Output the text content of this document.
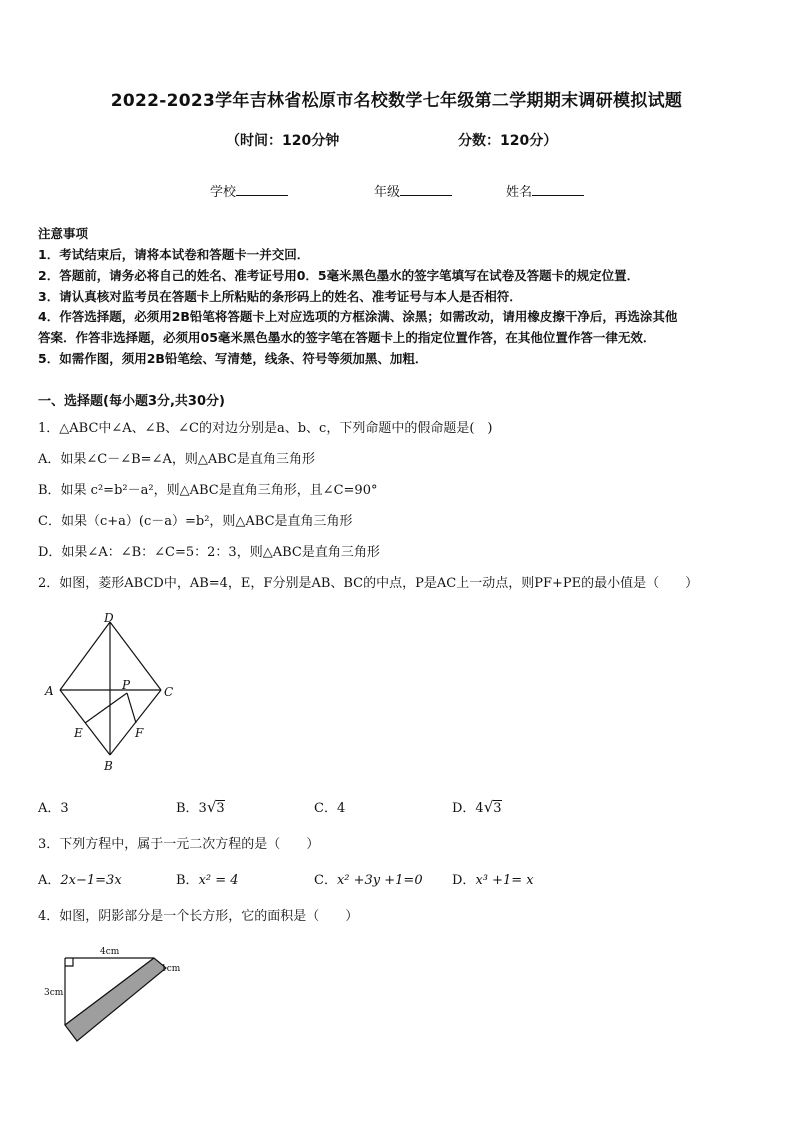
2022-2023学年吉林省松原市名校数学七年级第二学期期末调研模拟试题
（时间：120分钟	分数：120分）
学校	年级	姓名
注意事项
1．考试结束后，请将本试卷和答题卡一并交回．
2．答题前，请务必将自己的姓名、准考证号用0．5毫米黑色墨水的签字笔填写在试卷及答题卡的规定位置．
3．请认真核对监考员在答题卡上所粘贴的条形码上的姓名、准考证号与本人是否相符．
4．作答选择题，必须用2B铅笔将答题卡上对应选项的方框涂满、涂黑；如需改动，请用橡皮擦干净后，再选涂其他
答案．作答非选择题，必须用05毫米黑色墨水的签字笔在答题卡上的指定位置作答，在其他位置作答一律无效．
5．如需作图，须用2B铅笔绘、写清楚，线条、符号等须加黑、加粗．
一、选择题(每小题3分,共30分)
1．△ABC中∠A、∠B、∠C的对边分别是a、b、c，下列命题中的假命题是(　)
A．如果∠C－∠B=∠A，则△ABC是直角三角形
B．如果 c²=b²－a²，则△ABC是直角三角形，且∠C=90°
C．如果（c+a）(c－a）=b²，则△ABC是直角三角形
D．如果∠A：∠B：∠C=5：2：3，则△ABC是直角三角形
2．如图，菱形ABCD中，AB=4，E，F分别是AB、BC的中点，P是AC上一动点，则PF+PE的最小值是（　　）
D
A	C
P
E	F
B
A．3	B．3√3	C．4	D．4√3
3．下列方程中，属于一元二次方程的是（　　）
A．2x−1=3x	B．x² = 4	C．x² +3y +1=0 D．x³ +1= x
4．如图，阴影部分是一个长方形，它的面积是（　　）
4cm
1cm
3cm
